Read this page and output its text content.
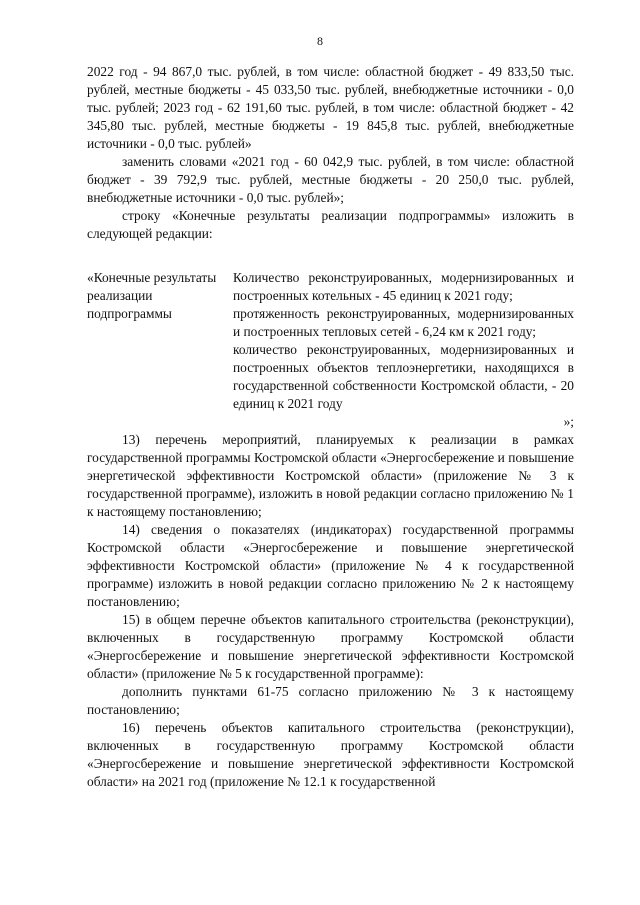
8

2022 год - 94 867,0 тыс. рублей, в том числе: областной бюджет - 49 833,50 тыс. рублей, местные бюджеты - 45 033,50 тыс. рублей, внебюджетные источники - 0,0 тыс. рублей; 2023 год - 62 191,60 тыс. рублей, в том числе: областной бюджет - 42 345,80 тыс. рублей, местные бюджеты - 19 845,8 тыс. рублей, внебюджетные источники - 0,0 тыс. рублей»

заменить словами «2021 год - 60 042,9 тыс. рублей, в том числе: областной бюджет - 39 792,9 тыс. рублей, местные бюджеты - 20 250,0 тыс. рублей, внебюджетные источники - 0,0 тыс. рублей»;

строку «Конечные результаты реализации подпрограммы» изложить в следующей редакции:

«Конечные результаты реализации подпрограммы

Количество реконструированных, модернизированных и построенных котельных - 45 единиц к 2021 году;

протяженность реконструированных, модернизированных и построенных тепловых сетей - 6,24 км к 2021 году;

количество реконструированных, модернизированных и построенных объектов теплоэнергетики, находящихся в государственной собственности Костромской области, - 20 единиц к 2021 году

»;

13) перечень мероприятий, планируемых к реализации в рамках государственной программы Костромской области «Энергосбережение и повышение энергетической эффективности Костромской области» (приложение № 3 к государственной программе), изложить в новой редакции согласно приложению № 1 к настоящему постановлению;

14) сведения о показателях (индикаторах) государственной программы Костромской области «Энергосбережение и повышение энергетической эффективности Костромской области» (приложение № 4 к государственной программе) изложить в новой редакции согласно приложению № 2 к настоящему постановлению;

15) в общем перечне объектов капитального строительства (реконструкции), включенных в государственную программу Костромской области «Энергосбережение и повышение энергетической эффективности Костромской области» (приложение № 5 к государственной программе):

дополнить пунктами 61-75 согласно приложению № 3 к настоящему постановлению;

16) перечень объектов капитального строительства (реконструкции), включенных в государственную программу Костромской области «Энергосбережение и повышение энергетической эффективности Костромской области» на 2021 год (приложение № 12.1 к государственной
